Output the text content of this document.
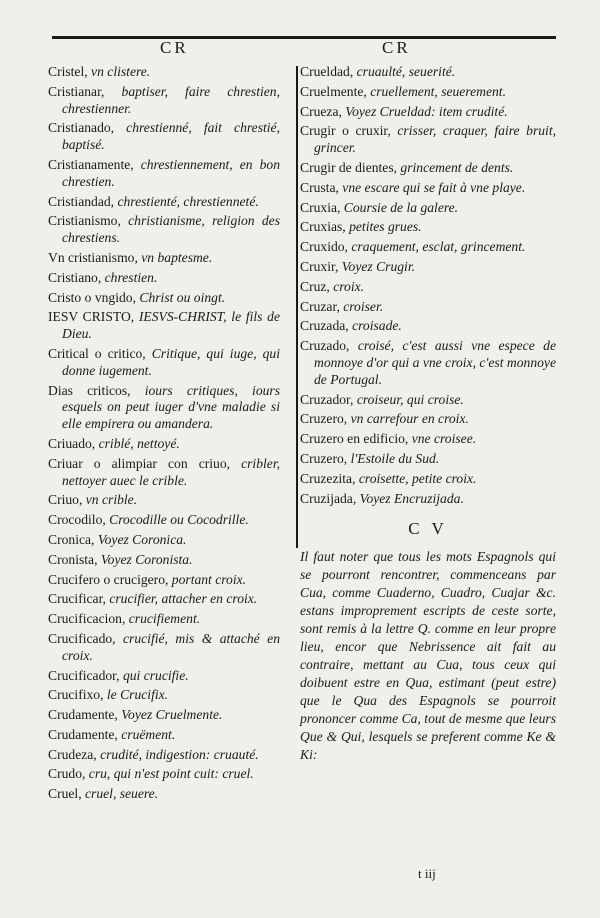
CR	CR
Cristel, vn clistere.
Cristianar, baptiser, faire chrestien, chrestienner.
Cristianado, chrestienné, fait chrestié, baptisé.
Cristianamente, chrestiennement, en bon chrestien.
Cristiandad, chrestienté, chrestienneté.
Cristianismo, christianisme, religion des chrestiens.
Vn cristianismo, vn baptesme.
Cristiano, chrestien.
Cristo o vngido, Christ ou oingt.
IESV CRISTO, IESVS-CHRIST, le fils de Dieu.
Critical o critico, Critique, qui iuge, qui donne iugement.
Dias criticos, iours critiques, iours esquels on peut iuger d'vne maladie si elle empirera ou amandera.
Criuado, criblé, nettoyé.
Criuar o alimpiar con criuo, cribler, nettoyer auec le crible.
Criuo, vn crible.
Crocodilo, Crocodille ou Cocodrille.
Cronica, Voyez Coronica.
Cronista, Voyez Coronista.
Crucifero o crucigero, portant croix.
Crucificar, crucifier, attacher en croix.
Crucificacion, crucifiement.
Crucificado, crucifié, mis & attaché en croix.
Crucificador, qui crucifie.
Crucifixo, le Crucifix.
Crudamente, Voyez Cruelmente.
Crudamente, cruëment.
Crudeza, crudité, indigestion: cruauté.
Crudo, cru, qui n'est point cuit: cruel.
Cruel, cruel, seuere.
Crueldad, cruaulté, seuerité.
Cruelmente, cruellement, seuerement.
Crueza, Voyez Crueldad: item crudité.
Crugir o cruxir, crisser, craquer, faire bruit, grincer.
Crugir de dientes, grincement de dents.
Crusta, vne escare qui se fait à vne playe.
Cruxia, Coursie de la galere.
Cruxias, petites grues.
Cruxido, craquement, esclat, grincement.
Cruxir, Voyez Crugir.
Cruz, croix.
Cruzar, croiser.
Cruzada, croisade.
Cruzado, croisé, c'est aussi vne espece de monnoye d'or qui a vne croix, c'est monnoye de Portugal.
Cruzador, croiseur, qui croise.
Cruzero, vn carrefour en croix.
Cruzero en edificio, vne croisee.
Cruzero, l'Estoile du Sud.
Cruzezita, croisette, petite croix.
Cruzijada, Voyez Encruzijada.
C V
Il faut noter que tous les mots Espagnols qui se pourront rencontrer, commenceans par Cua, comme Cuaderno, Cuadro, Cuajar &c. estans improprement escripts de ceste sorte, sont remis à la lettre Q. comme en leur propre lieu, encor que Nebrissence ait fait au contraire, mettant au Cua, tous ceux qui doibuent estre en Qua, estimant (peut estre) que le Qua des Espagnols se pourroit prononcer comme Ca, tout de mesme que leurs Que & Qui, lesquels se preferent comme Ke & Ki:
t iij
